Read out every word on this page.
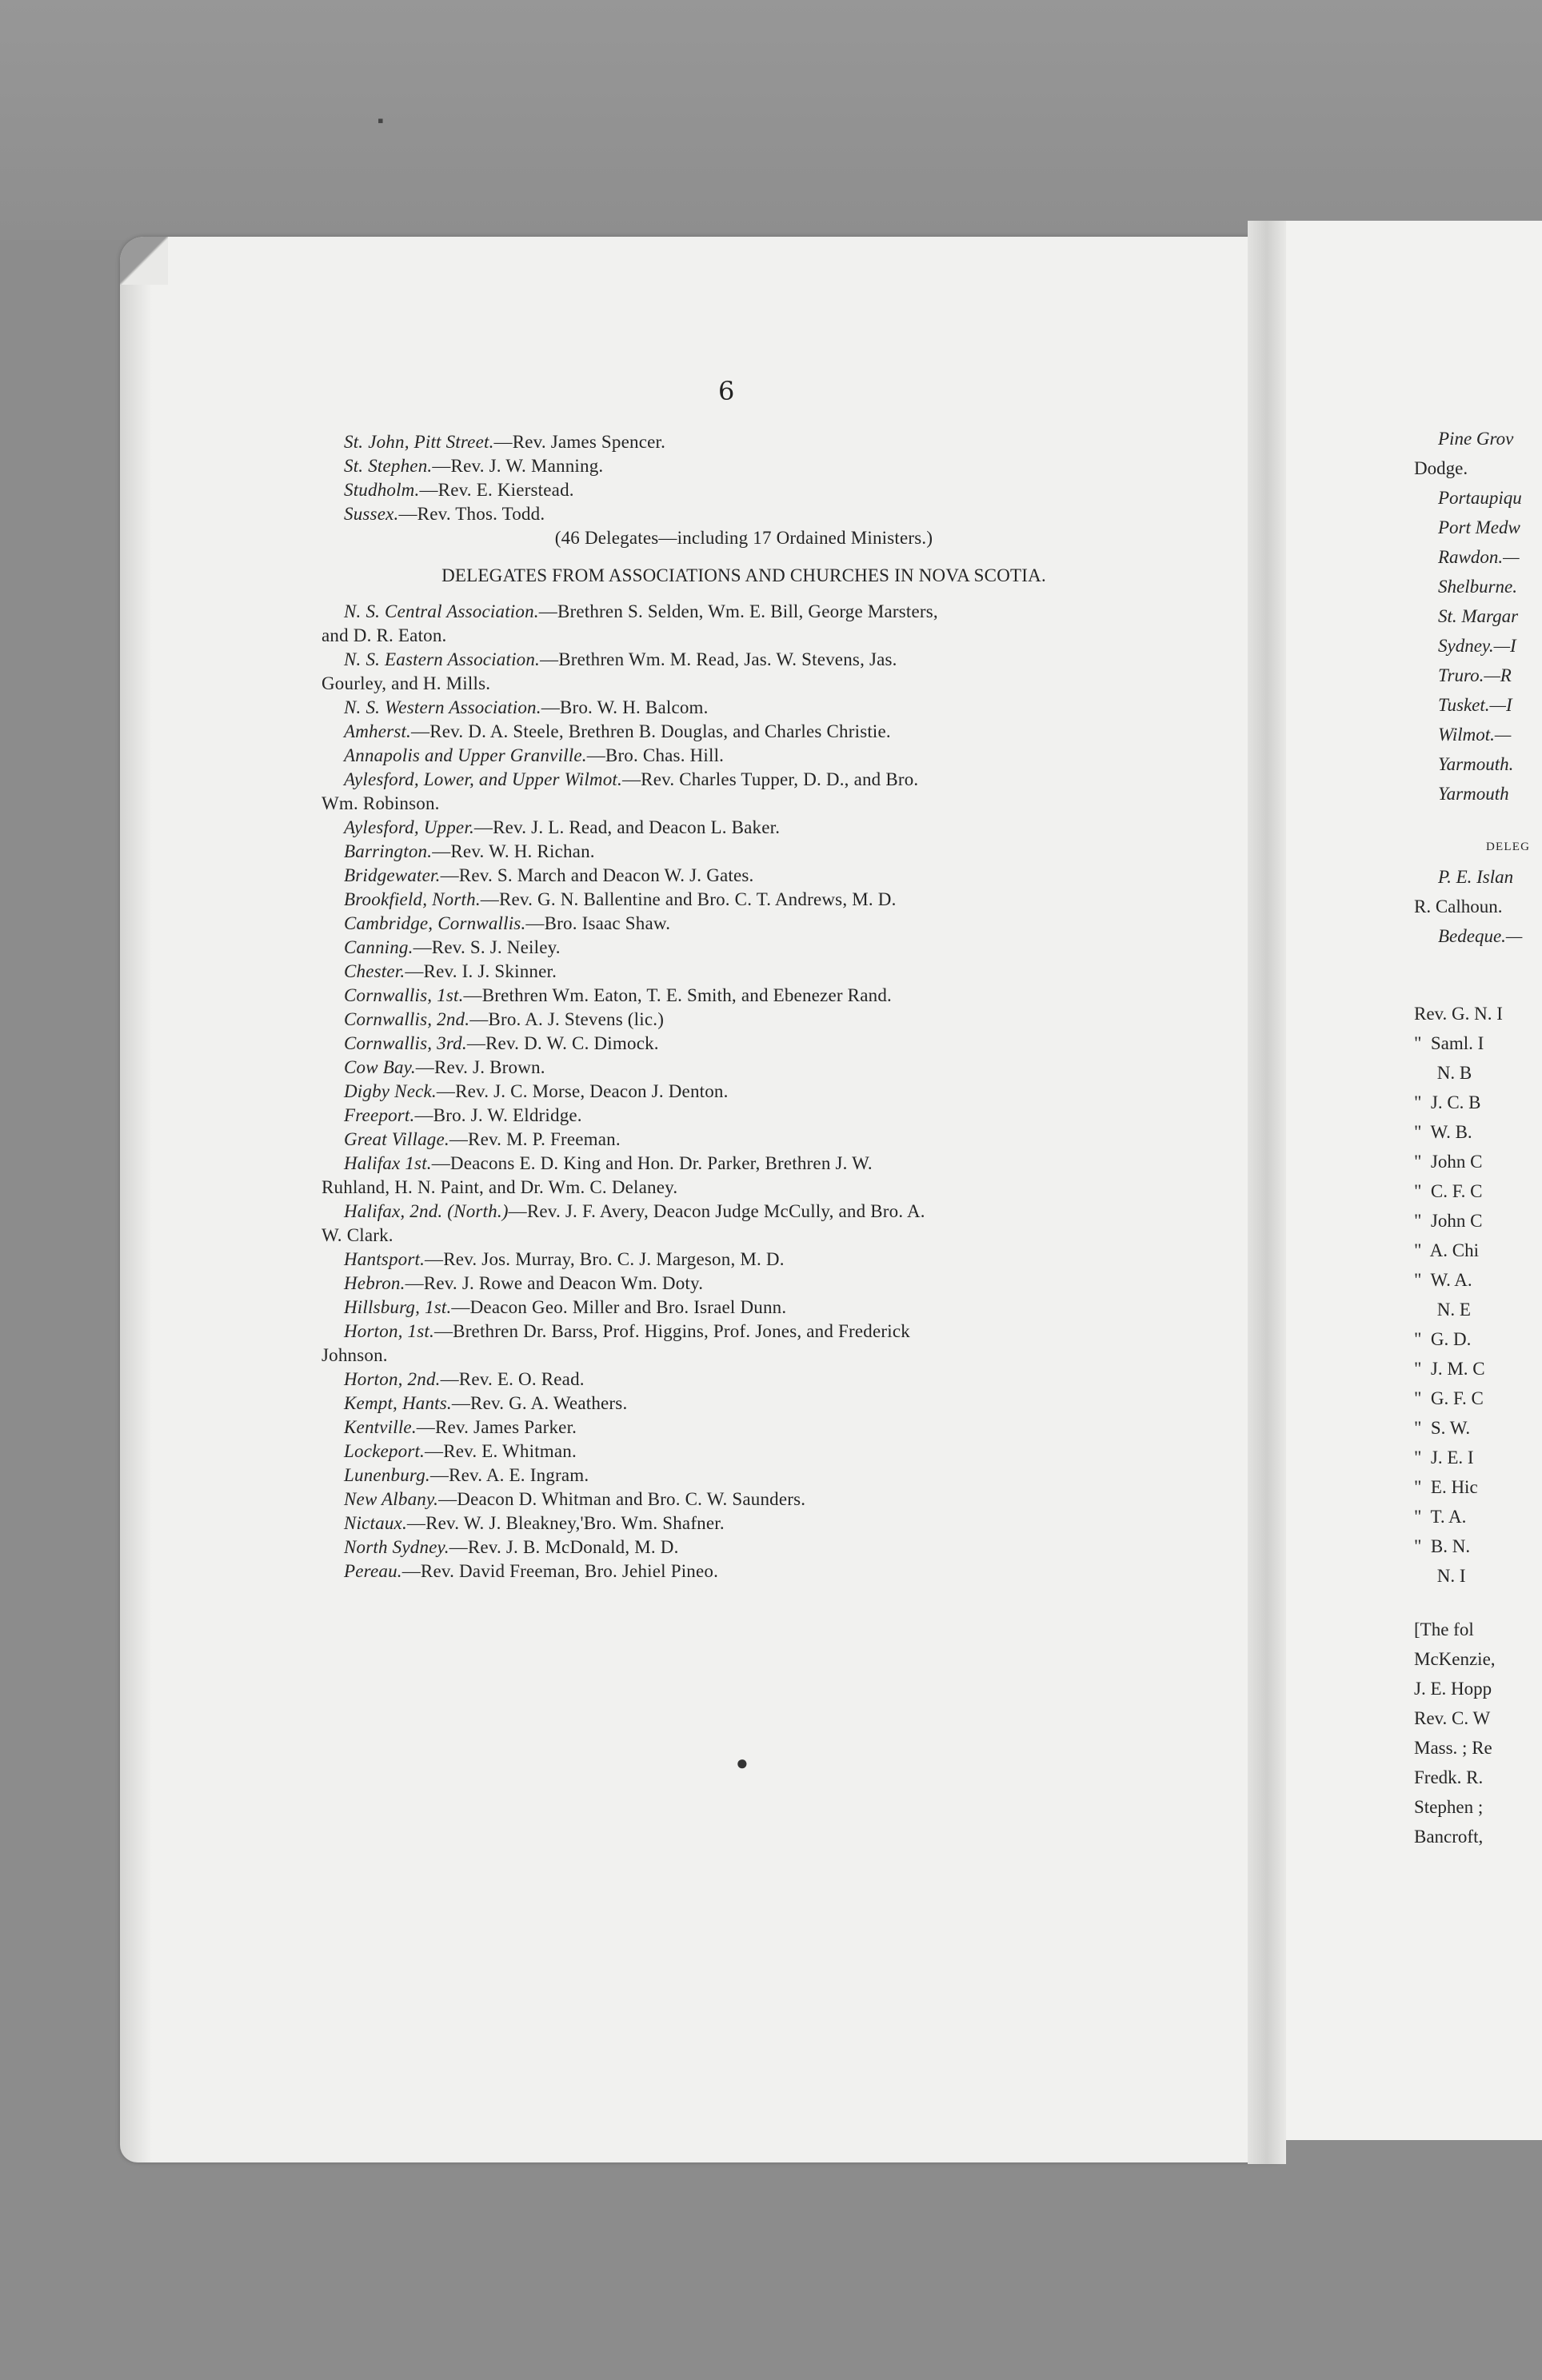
6
St. John, Pitt Street.—Rev. James Spencer.
St. Stephen.—Rev. J. W. Manning.
Studholm.—Rev. E. Kierstead.
Sussex.—Rev. Thos. Todd.
(46 Delegates—including 17 Ordained Ministers.)
DELEGATES FROM ASSOCIATIONS AND CHURCHES IN NOVA SCOTIA.
N. S. Central Association.—Brethren S. Selden, Wm. E. Bill, George Marsters,
and D. R. Eaton.
N. S. Eastern Association.—Brethren Wm. M. Read, Jas. W. Stevens, Jas.
Gourley, and H. Mills.
N. S. Western Association.—Bro. W. H. Balcom.
Amherst.—Rev. D. A. Steele, Brethren B. Douglas, and Charles Christie.
Annapolis and Upper Granville.—Bro. Chas. Hill.
Aylesford, Lower, and Upper Wilmot.—Rev. Charles Tupper, D. D., and Bro.
Wm. Robinson.
Aylesford, Upper.—Rev. J. L. Read, and Deacon L. Baker.
Barrington.—Rev. W. H. Richan.
Bridgewater.—Rev. S. March and Deacon W. J. Gates.
Brookfield, North.—Rev. G. N. Ballentine and Bro. C. T. Andrews, M. D.
Cambridge, Cornwallis.—Bro. Isaac Shaw.
Canning.—Rev. S. J. Neiley.
Chester.—Rev. I. J. Skinner.
Cornwallis, 1st.—Brethren Wm. Eaton, T. E. Smith, and Ebenezer Rand.
Cornwallis, 2nd.—Bro. A. J. Stevens (lic.)
Cornwallis, 3rd.—Rev. D. W. C. Dimock.
Cow Bay.—Rev. J. Brown.
Digby Neck.—Rev. J. C. Morse, Deacon J. Denton.
Freeport.—Bro. J. W. Eldridge.
Great Village.—Rev. M. P. Freeman.
Halifax 1st.—Deacons E. D. King and Hon. Dr. Parker, Brethren J. W.
Ruhland, H. N. Paint, and Dr. Wm. C. Delaney.
Halifax, 2nd. (North.)—Rev. J. F. Avery, Deacon Judge McCully, and Bro. A.
W. Clark.
Hantsport.—Rev. Jos. Murray, Bro. C. J. Margeson, M. D.
Hebron.—Rev. J. Rowe and Deacon Wm. Doty.
Hillsburg, 1st.—Deacon Geo. Miller and Bro. Israel Dunn.
Horton, 1st.—Brethren Dr. Barss, Prof. Higgins, Prof. Jones, and Frederick
Johnson.
Horton, 2nd.—Rev. E. O. Read.
Kempt, Hants.—Rev. G. A. Weathers.
Kentville.—Rev. James Parker.
Lockeport.—Rev. E. Whitman.
Lunenburg.—Rev. A. E. Ingram.
New Albany.—Deacon D. Whitman and Bro. C. W. Saunders.
Nictaux.—Rev. W. J. Bleakney,'Bro. Wm. Shafner.
North Sydney.—Rev. J. B. McDonald, M. D.
Pereau.—Rev. David Freeman, Bro. Jehiel Pineo.
Pine Grov
Dodge.
Portaupiqu
Port Medw
Rawdon.—
Shelburne.
St. Margar
Sydney.—I
Truro.—R
Tusket.—I
Wilmot.—
Yarmouth.
Yarmouth
DELEG
P. E. Islan
R. Calhoun.
Bedeque.—
Rev. G. N. I
"  Saml. I
N. B
"  J. C. B
"  W. B.
"  John C
"  C. F. C
"  John C
"  A. Chi
"  W. A.
N. E
"  G. D.
"  J. M. C
"  G. F. C
"  S. W.
"  J. E. I
"  E. Hic
"  T. A.
"  B. N.
N. I
[The fol
McKenzie,
J. E. Hopp
Rev. C. W
Mass. ; Re
Fredk. R.
Stephen ;
Bancroft,
▪
●
